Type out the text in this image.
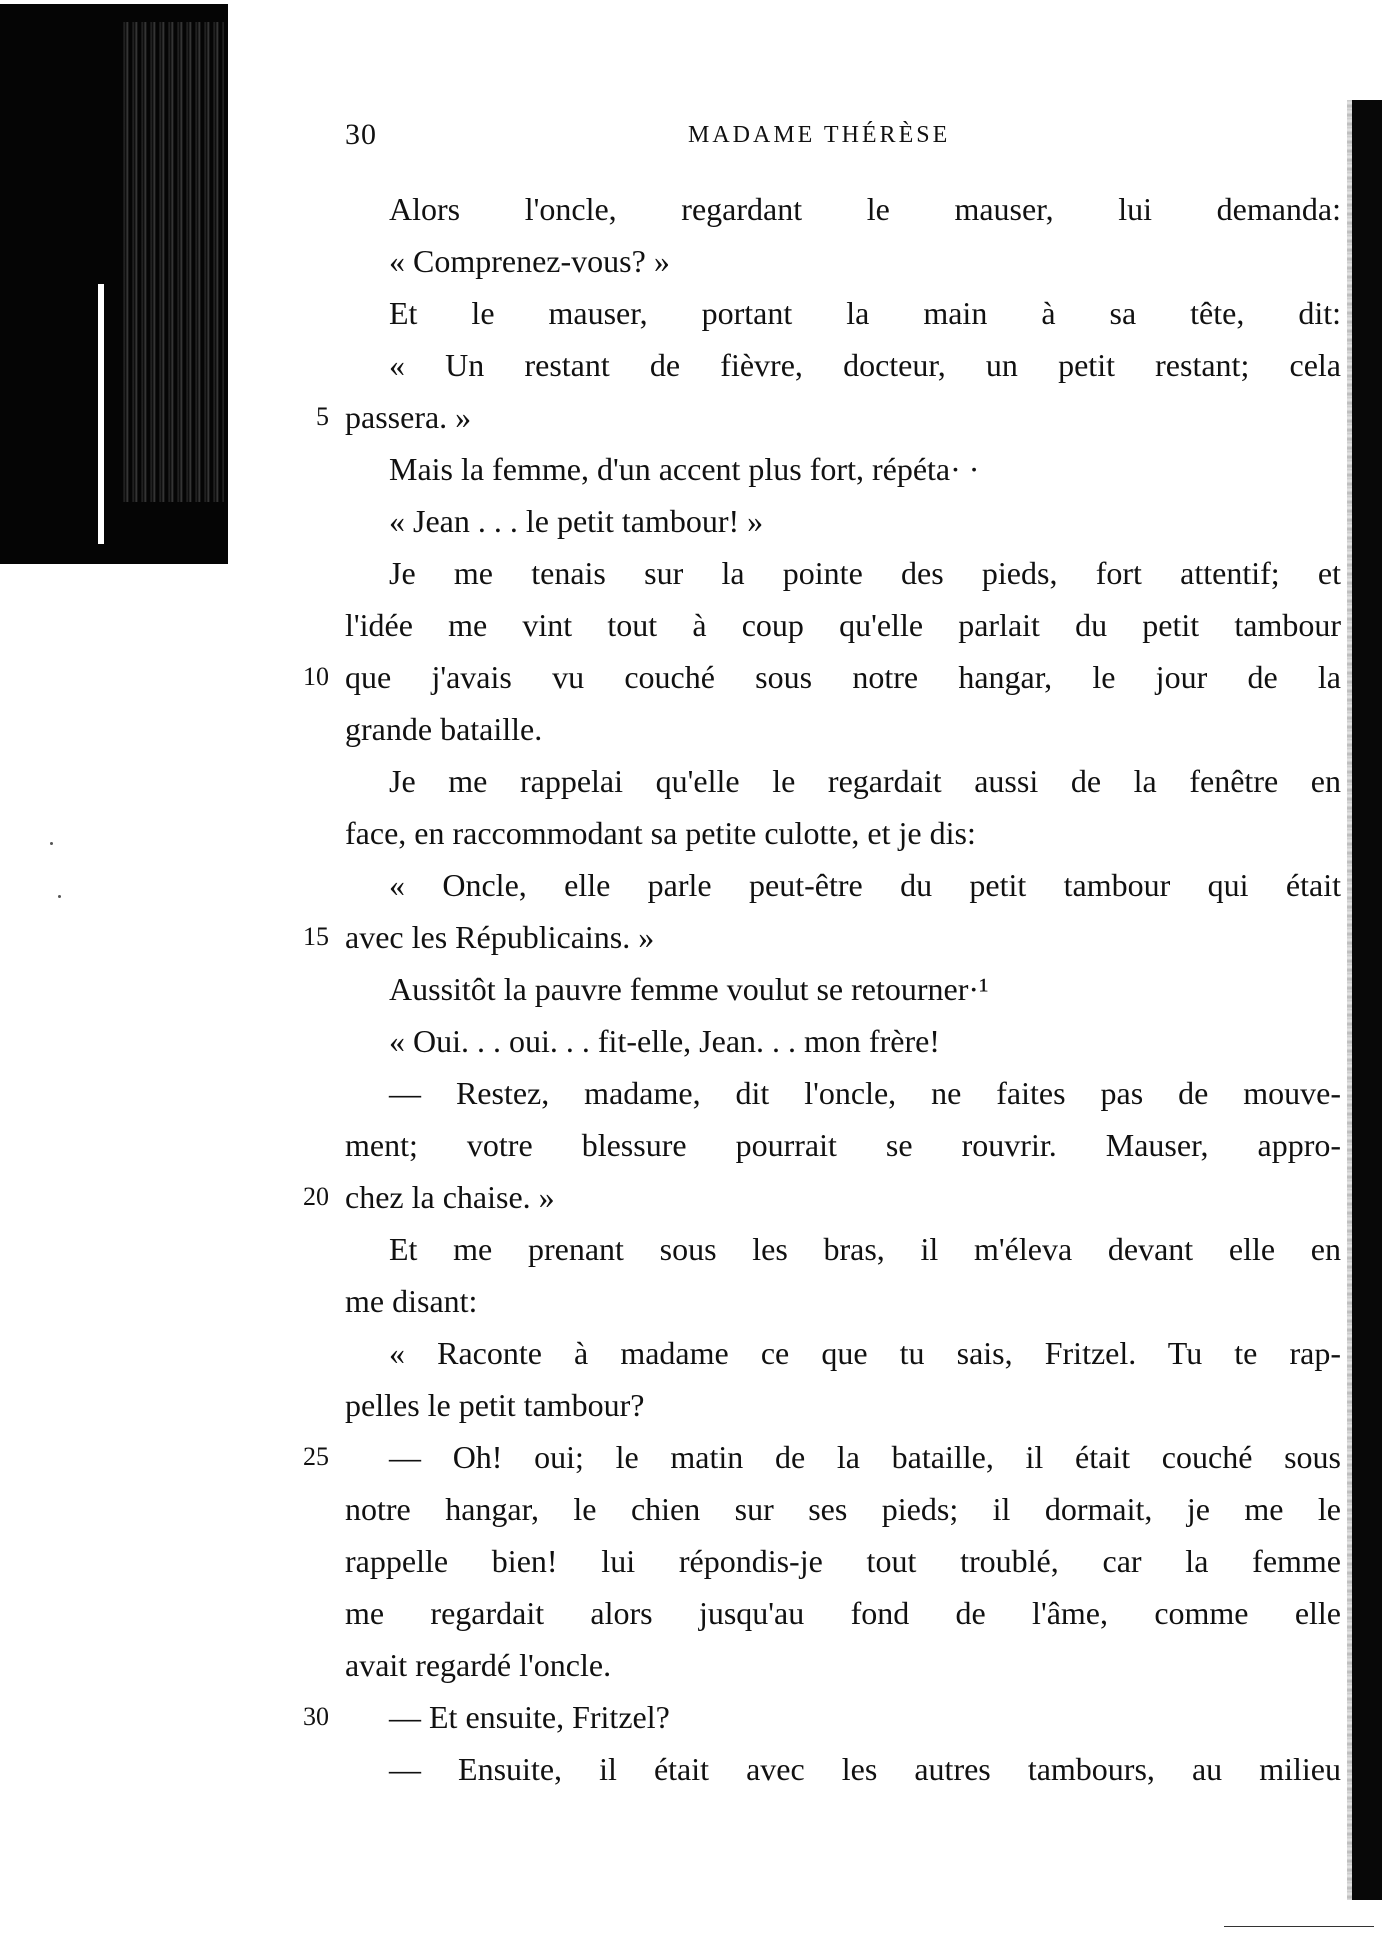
30	MADAME THÉRÈSE
Alors l'oncle, regardant le mauser, lui demanda:
« Comprenez-vous? »
Et le mauser, portant la main à sa tête, dit:
« Un restant de fièvre, docteur, un petit restant; cela
5 passera. »
Mais la femme, d'un accent plus fort, répéta· ·
« Jean . . . le petit tambour! »
Je me tenais sur la pointe des pieds, fort attentif; et
l'idée me vint tout à coup qu'elle parlait du petit tambour
10 que j'avais vu couché sous notre hangar, le jour de la
grande bataille.
Je me rappelai qu'elle le regardait aussi de la fenêtre en
face, en raccommodant sa petite culotte, et je dis:
« Oncle, elle parle peut-être du petit tambour qui était
15 avec les Républicains. »
Aussitôt la pauvre femme voulut se retourner·¹
« Oui. . . oui. . . fit-elle, Jean. . . mon frère!
— Restez, madame, dit l'oncle, ne faites pas de mouve-
ment; votre blessure pourrait se rouvrir. Mauser, appro-
20 chez la chaise. »
Et me prenant sous les bras, il m'éleva devant elle en
me disant:
« Raconte à madame ce que tu sais, Fritzel. Tu te rap-
pelles le petit tambour?
25 — Oh! oui; le matin de la bataille, il était couché sous
notre hangar, le chien sur ses pieds; il dormait, je me le
rappelle bien! lui répondis-je tout troublé, car la femme
me regardait alors jusqu'au fond de l'âme, comme elle
avait regardé l'oncle.
30 — Et ensuite, Fritzel?
— Ensuite, il était avec les autres tambours, au milieu
